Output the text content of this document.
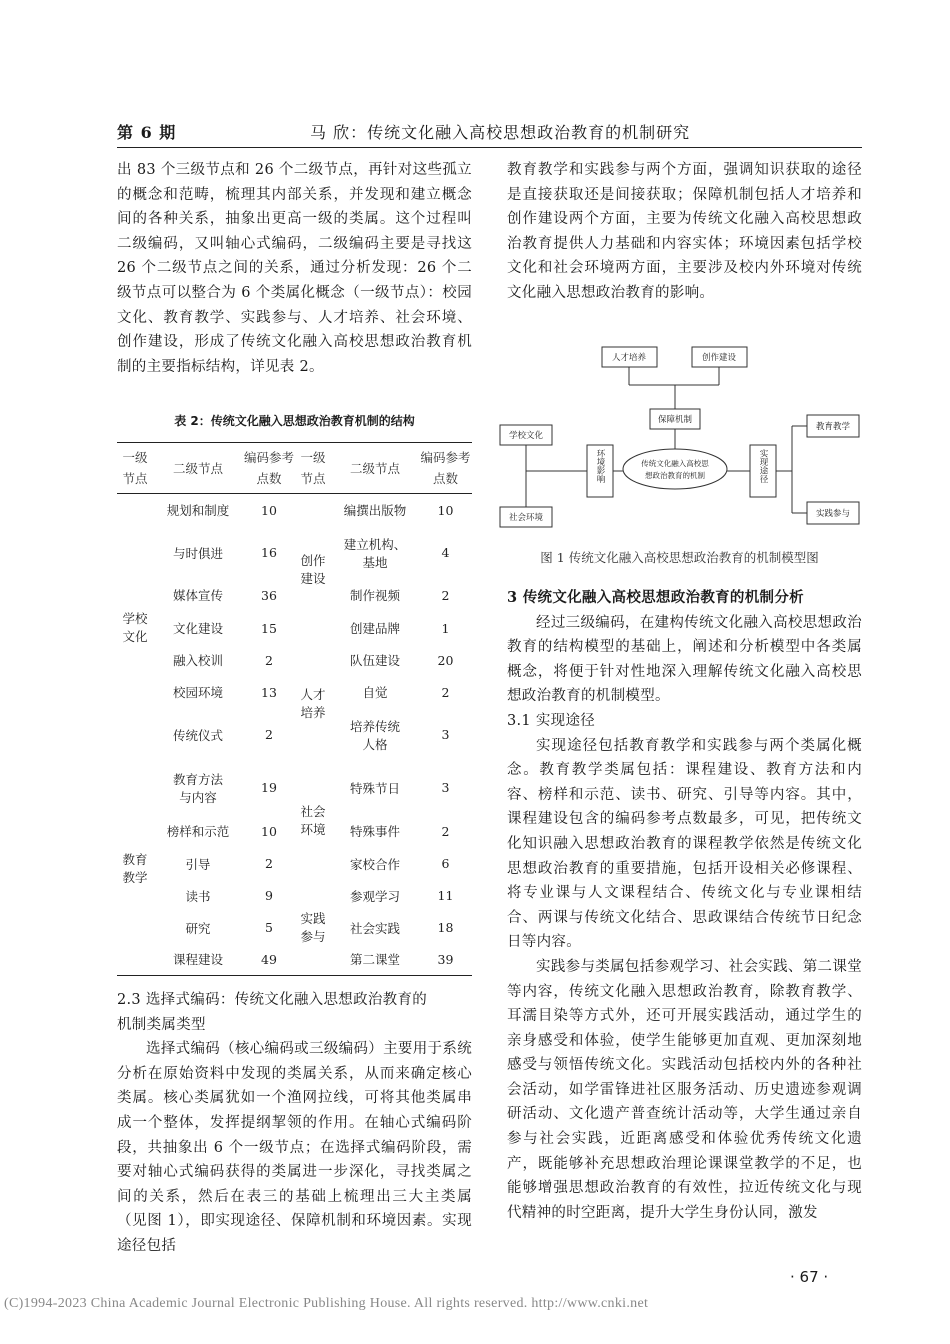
第 6 期	马 欣：传统文化融入高校思想政治教育的机制研究

出 83 个三级节点和 26 个二级节点，再针对这些孤立的概念和范畴，梳理其内部关系，并发现和建立概念间的各种关系，抽象出更高一级的类属。这个过程叫二级编码，又叫轴心式编码，二级编码主要是寻找这 26 个二级节点之间的关系，通过分析发现：26 个二级节点可以整合为 6 个类属化概念（一级节点）：校园文化、教育教学、实践参与、人才培养、社会环境、创作建设，形成了传统文化融入高校思想政治教育机制的主要指标结构，详见表 2。

表 2：传统文化融入思想政治教育机制的结构
一级节点	二级节点	编码参考点数	一级节点	二级节点	编码参考点数
学校文化	规划和制度	10	创作建设	编撰出版物	10
	与时俱进	16		建立机构、基地	4
	媒体宣传	36		制作视频	2
	文化建设	15		创建品牌	1
	融入校训	2	人才培养	队伍建设	20
	校园环境	13		自觉	2
	传统仪式	2		培养传统人格	3
教育教学	教育方法与内容	19	社会环境	特殊节日	3
	榜样和示范	10		特殊事件	2
	引导	2		家校合作	6
	读书	9	实践参与	参观学习	11
	研究	5		社会实践	18
	课程建设	49		第二课堂	39

2.3 选择式编码：传统文化融入思想政治教育的
机制类属类型

选择式编码（核心编码或三级编码）主要用于系统分析在原始资料中发现的类属关系，从而来确定核心类属。核心类属犹如一个渔网拉线，可将其他类属串成一个整体，发挥提纲挈领的作用。在轴心式编码阶段，共抽象出 6 个一级节点；在选择式编码阶段，需要对轴心式编码获得的类属进一步深化，寻找类属之间的关系，然后在表三的基础上梳理出三大主类属（见图 1），即实现途径、保障机制和环境因素。实现途径包括

教育教学和实践参与两个方面，强调知识获取的途径是直接获取还是间接获取；保障机制包括人才培养和创作建设两个方面，主要为传统文化融入高校思想政治教育提供人力基础和内容实体；环境因素包括学校文化和社会环境两方面，主要涉及校内外环境对传统文化融入思想政治教育的影响。

人才培养	创作建设
保障机制
学校文化
社会环境
传统文化融入高校思
想政治教育的机制
教育教学
实践参与
环境影响	实现途径
图 1 传统文化融入高校思想政治教育的机制模型图

3 传统文化融入高校思想政治教育的机制分析

经过三级编码，在建构传统文化融入高校思想政治教育的结构模型的基础上，阐述和分析模型中各类属概念，将便于针对性地深入理解传统文化融入高校思想政治教育的机制模型。

3.1 实现途径

实现途径包括教育教学和实践参与两个类属化概念。教育教学类属包括：课程建设、教育方法和内容、榜样和示范、读书、研究、引导等内容。其中，课程建设包含的编码参考点数最多，可见，把传统文化知识融入思想政治教育的课程教学依然是传统文化思想政治教育的重要措施，包括开设相关必修课程、将专业课与人文课程结合、传统文化与专业课相结合、两课与传统文化结合、思政课结合传统节日纪念日等内容。

实践参与类属包括参观学习、社会实践、第二课堂等内容，传统文化融入思想政治教育，除教育教学、耳濡目染等方式外，还可开展实践活动，通过学生的亲身感受和体验，使学生能够更加直观、更加深刻地感受与领悟传统文化。实践活动包括校内外的各种社会活动，如学雷锋进社区服务活动、历史遗迹参观调研活动、文化遗产普查统计活动等，大学生通过亲自参与社会实践，近距离感受和体验优秀传统文化遗产，既能够补充思想政治理论课课堂教学的不足，也能够增强思想政治教育的有效性，拉近传统文化与现代精神的时空距离，提升大学生身份认同，激发

· 67 ·
(C)1994-2023 China Academic Journal Electronic Publishing House. All rights reserved. http://www.cnki.net
